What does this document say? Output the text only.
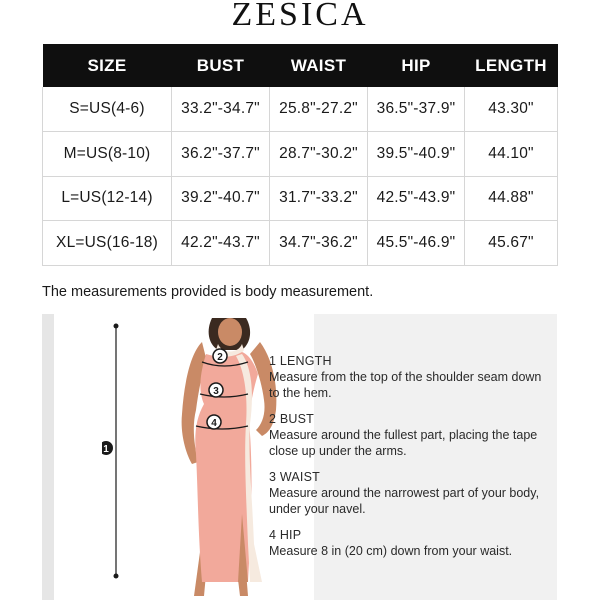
ZESICA
SIZE	BUST	WAIST	HIP	LENGTH
S=US(4-6)	33.2"-34.7"	25.8"-27.2"	36.5"-37.9"	43.30"
M=US(8-10)	36.2"-37.7"	28.7"-30.2"	39.5"-40.9"	44.10"
L=US(12-14)	39.2"-40.7"	31.7"-33.2"	42.5"-43.9"	44.88"
XL=US(16-18)	42.2"-43.7"	34.7"-36.2"	45.5"-46.9"	45.67"
The measurements provided is body measurement.
1
2
3
4
1 LENGTH
Measure from the top of the shoulder seam down to the hem.
2 BUST
Measure around the fullest part, placing the tape close up under the arms.
3 WAIST
Measure around the narrowest part of your body, under your navel.
4 HIP
Measure 8 in (20 cm) down from your waist.
